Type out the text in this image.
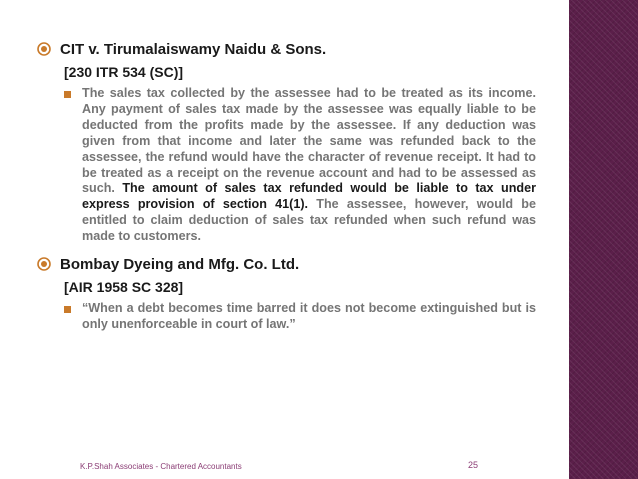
CIT v. Tirumalaiswamy Naidu & Sons.
[230 ITR 534 (SC)]
The sales tax collected by the assessee had to be treated as its income. Any payment of sales tax made by the assessee was equally liable to be deducted from the profits made by the assessee. If any deduction was given from that income and later the same was refunded back to the assessee, the refund would have the character of revenue receipt. It had to be treated as a receipt on the revenue account and had to be assessed as such. The amount of sales tax refunded would be liable to tax under express provision of section 41(1). The assessee, however, would be entitled to claim deduction of sales tax refunded when such refund was made to customers.
Bombay Dyeing and Mfg. Co. Ltd.
[AIR 1958 SC 328]
“When a debt becomes time barred it does not become extinguished but is only unenforceable in court of law.”
K.P.Shah Associates - Chartered Accountants	25
